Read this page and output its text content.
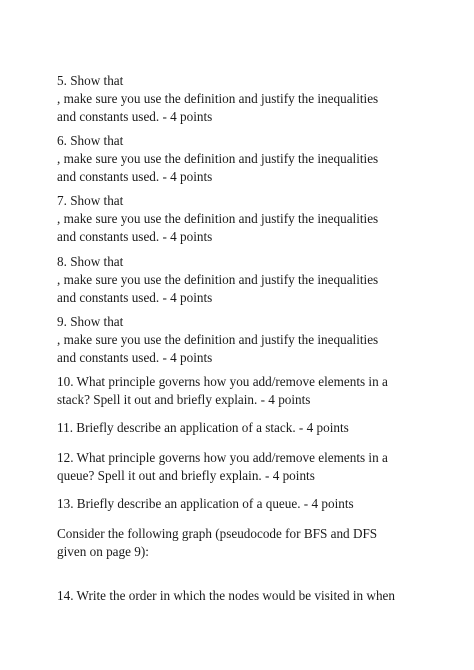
5. Show that
, make sure you use the definition and justify the inequalities
and constants used. - 4 points

6. Show that
, make sure you use the definition and justify the inequalities
and constants used. - 4 points

7. Show that
, make sure you use the definition and justify the inequalities
and constants used. - 4 points

8. Show that
, make sure you use the definition and justify the inequalities
and constants used. - 4 points

9. Show that
, make sure you use the definition and justify the inequalities
and constants used. - 4 points

10. What principle governs how you add/remove elements in a
stack? Spell it out and briefly explain. - 4 points

11. Briefly describe an application of a stack. - 4 points

12. What principle governs how you add/remove elements in a
queue? Spell it out and briefly explain. - 4 points

13. Briefly describe an application of a queue. - 4 points

Consider the following graph (pseudocode for BFS and DFS
given on page 9):

14. Write the order in which the nodes would be visited in when
